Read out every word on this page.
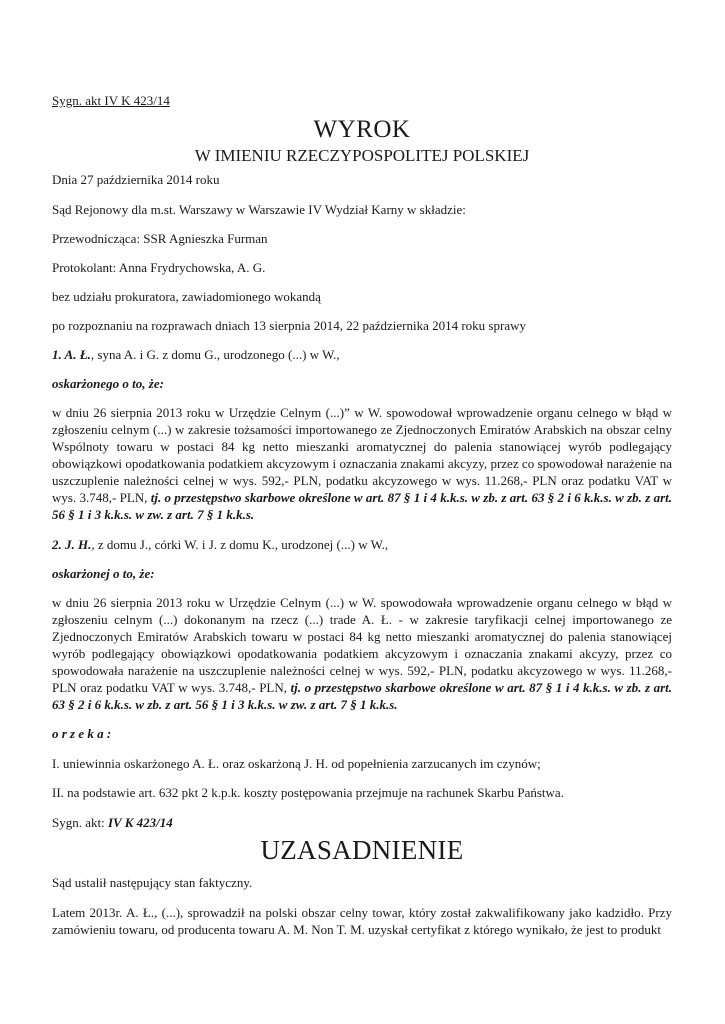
Sygn. akt IV K 423/14
WYROK
W IMIENIU RZECZYPOSPOLITEJ POLSKIEJ
Dnia 27 października 2014 roku
Sąd Rejonowy dla m.st. Warszawy w Warszawie IV Wydział Karny w składzie:
Przewodnicząca: SSR Agnieszka Furman
Protokolant: Anna Frydrychowska, A. G.
bez udziału prokuratora, zawiadomionego wokandą
po rozpoznaniu na rozprawach dniach 13 sierpnia 2014, 22 października 2014 roku sprawy
1. A. Ł., syna A. i G. z domu G., urodzonego (...) w W.,
oskarżonego o to, że:
w dniu 26 sierpnia 2013 roku w Urzędzie Celnym (...)” w W. spowodował wprowadzenie organu celnego w błąd w zgłoszeniu celnym (...) w zakresie tożsamości importowanego ze Zjednoczonych Emiratów Arabskich na obszar celny Wspólnoty towaru w postaci 84 kg netto mieszanki aromatycznej do palenia stanowiącej wyrób podlegający obowiązkowi opodatkowania podatkiem akcyzowym i oznaczania znakami akcyzy, przez co spowodował narażenie na uszczuplenie należności celnej w wys. 592,- PLN, podatku akcyzowego w wys. 11.268,- PLN oraz podatku VAT w wys. 3.748,- PLN, tj. o przestępstwo skarbowe określone w art. 87 § 1 i 4 k.k.s. w zb. z art. 63 § 2 i 6 k.k.s. w zb. z art. 56 § 1 i 3 k.k.s. w zw. z art. 7 § 1 k.k.s.
2. J. H., z domu J., córki W. i J. z domu K., urodzonej (...) w W.,
oskarżonej o to, że:
w dniu 26 sierpnia 2013 roku w Urzędzie Celnym (...) w W. spowodowała wprowadzenie organu celnego w błąd w zgłoszeniu celnym (...) dokonanym na rzecz (...) trade A. Ł. - w zakresie taryfikacji celnej importowanego ze Zjednoczonych Emiratów Arabskich towaru w postaci 84 kg netto mieszanki aromatycznej do palenia stanowiącej wyrób podlegający obowiązkowi opodatkowania podatkiem akcyzowym i oznaczania znakami akcyzy, przez co spowodowała narażenie na uszczuplenie należności celnej w wys. 592,- PLN, podatku akcyzowego w wys. 11.268,- PLN oraz podatku VAT w wys. 3.748,- PLN, tj. o przestępstwo skarbowe określone w art. 87 § 1 i 4 k.k.s. w zb. z art. 63 § 2 i 6 k.k.s. w zb. z art. 56 § 1 i 3 k.k.s. w zw. z art. 7 § 1 k.k.s.
o r z e k a :
I. uniewinnia oskarżonego A. Ł. oraz oskarżoną J. H. od popełnienia zarzucanych im czynów;
II. na podstawie art. 632 pkt 2 k.p.k. koszty postępowania przejmuje na rachunek Skarbu Państwa.
Sygn. akt: IV K 423/14
UZASADNIENIE
Sąd ustalił następujący stan faktyczny.
Latem 2013r. A. Ł., (...), sprowadził na polski obszar celny towar, który został zakwalifikowany jako kadzidło. Przy zamówieniu towaru, od producenta towaru A. M. Non T. M. uzyskał certyfikat z którego wynikało, że jest to produkt
